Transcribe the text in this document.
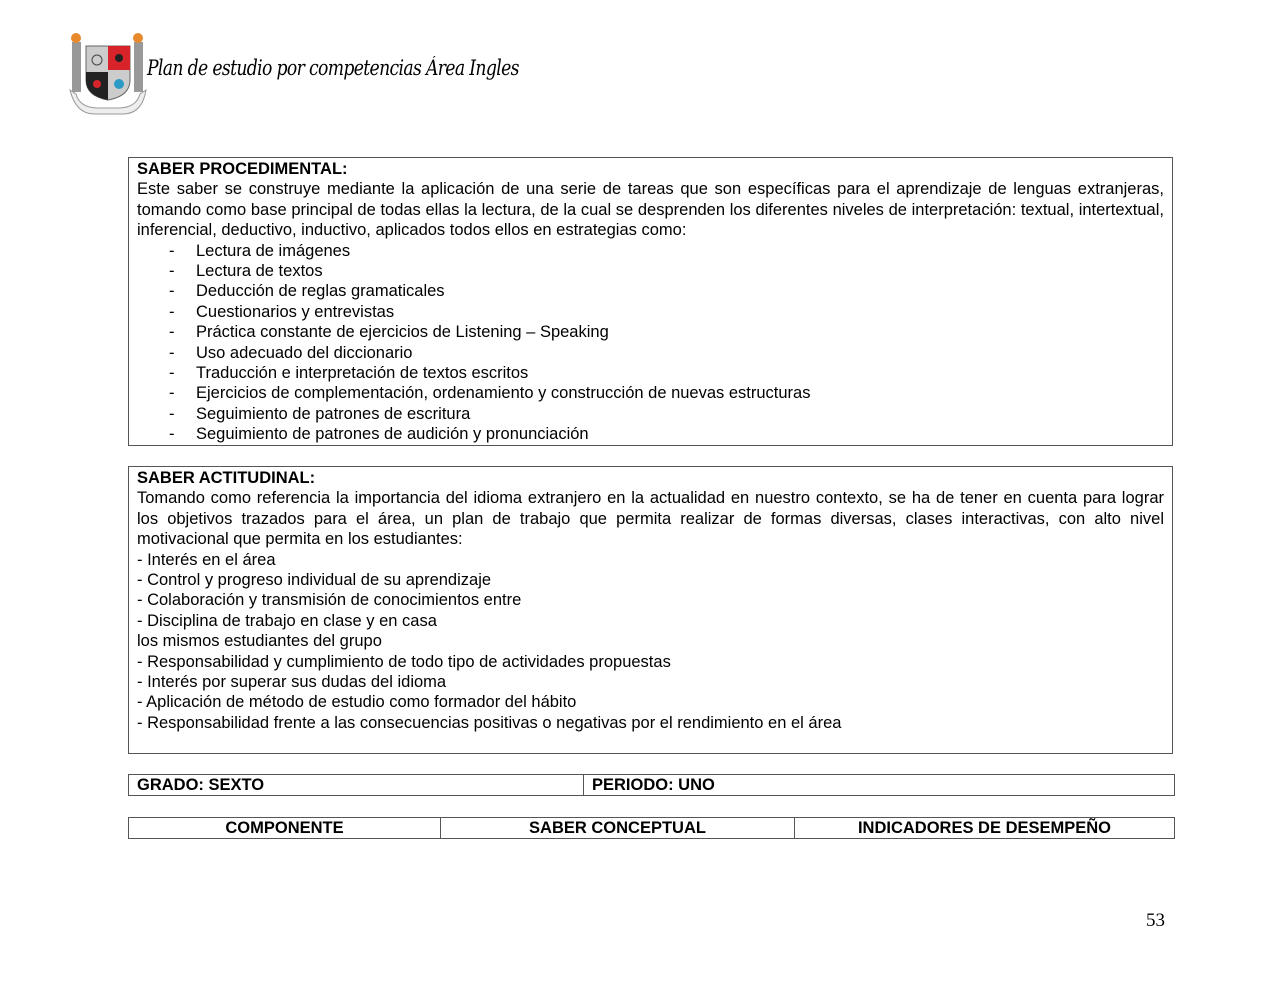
Plan de estudio por competencias Área Ingles
SABER PROCEDIMENTAL:
Este saber se construye mediante la aplicación de una serie de tareas que son específicas para el aprendizaje de lenguas extranjeras, tomando como base principal de todas ellas la lectura, de la cual se desprenden los diferentes niveles de interpretación: textual, intertextual, inferencial, deductivo, inductivo, aplicados todos ellos en estrategias como:
- Lectura de imágenes
- Lectura de textos
- Deducción de reglas gramaticales
- Cuestionarios y entrevistas
- Práctica constante de ejercicios de Listening – Speaking
- Uso adecuado del diccionario
- Traducción e interpretación de textos escritos
- Ejercicios de complementación, ordenamiento y construcción de nuevas estructuras
- Seguimiento de patrones de escritura
- Seguimiento de patrones de audición y pronunciación
SABER ACTITUDINAL:
Tomando como referencia la importancia del idioma extranjero en la actualidad en nuestro contexto, se ha de tener en cuenta para lograr los objetivos trazados para el área, un plan de trabajo que permita realizar de formas diversas, clases interactivas, con alto nivel motivacional que permita en los estudiantes:
- Interés en el área
- Control y progreso individual de su aprendizaje
- Colaboración y transmisión de conocimientos entre
- Disciplina de trabajo en clase y en casa
los mismos estudiantes del grupo
- Responsabilidad y cumplimiento de todo tipo de actividades propuestas
- Interés por superar sus dudas del idioma
- Aplicación de método de estudio como formador del hábito
- Responsabilidad frente a las consecuencias positivas o negativas por el rendimiento en el área
GRADO: SEXTO	PERIODO: UNO
COMPONENTE	SABER CONCEPTUAL	INDICADORES DE DESEMPEÑO
53
